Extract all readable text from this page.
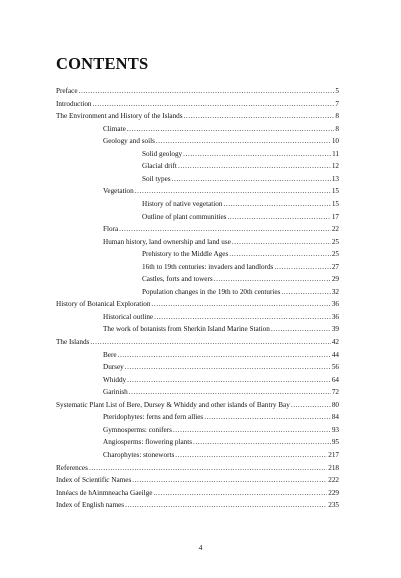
CONTENTS
Preface .....	5
Introduction .....	7
The Environment and History of the Islands .....	8
Climate .....	8
Geology and soils .....	10
Solid geology .....	11
Glacial drift .....	12
Soil types .....	13
Vegetation .....	15
History of native vegetation .....	15
Outline of plant communities .....	17
Flora .....	22
Human history, land ownership and land use .....	25
Prehistory to the Middle Ages .....	25
16th to 19th centuries: invaders and landlords .....	27
Castles, forts and towers .....	29
Population changes in the 19th to 20th centuries .....	32
History of Botanical Exploration .....	36
Historical outline .....	36
The work of botanists from Sherkin Island Marine Station .....	39
The Islands .....	42
Bere .....	44
Dursey .....	56
Whiddy .....	64
Garinish .....	72
Systematic Plant List of Bere, Dursey & Whiddy and other islands of Bantry Bay .....	80
Pteridophytes: ferns and fern allies .....	84
Gymnosperms: conifers .....	93
Angiosperms: flowering plants .....	95
Charophytes: stoneworts .....	217
References .....	218
Index of Scientific Names .....	222
Innéacs de hAinmneacha Gaeilge .....	229
Index of English names .....	235
4
